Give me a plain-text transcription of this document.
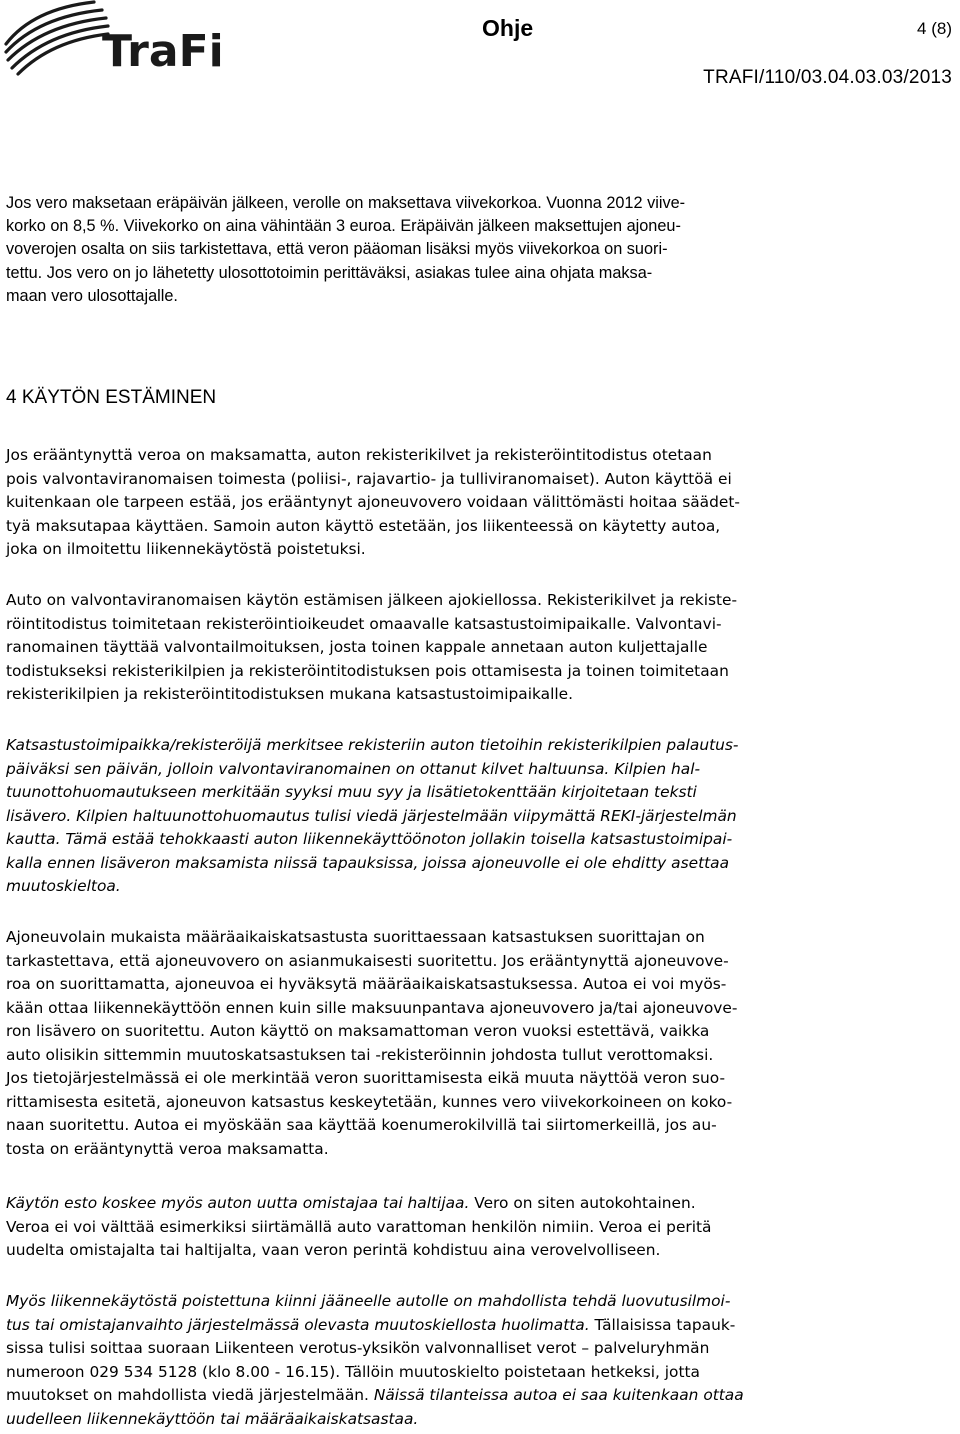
TraFi	Ohje	4 (8)
TRAFI/110/03.04.03.03/2013

Jos vero maksetaan eräpäivän jälkeen, verolle on maksettava viivekorkoa. Vuonna 2012 viive-
korko on 8,5 %. Viivekorko on aina vähintään 3 euroa. Eräpäivän jälkeen maksettujen ajoneu-
voverojen osalta on siis tarkistettava, että veron pääoman lisäksi myös viivekorkoa on suori-
tettu. Jos vero on jo lähetetty ulosottotoimin perittäväksi, asiakas tulee aina ohjata maksa-
maan vero ulosottajalle.

4 KÄYTÖN ESTÄMINEN

Jos erääntynyttä veroa on maksamatta, auton rekisterikilvet ja rekisteröintitodistus otetaan
pois valvontaviranomaisen toimesta (poliisi-, rajavartio- ja tulliviranomaiset). Auton käyttöä ei
kuitenkaan ole tarpeen estää, jos erääntynyt ajoneuvovero voidaan välittömästi hoitaa säädet-
tyä maksutapaa käyttäen. Samoin auton käyttö estetään, jos liikenteessä on käytetty autoa,
joka on ilmoitettu liikennekäytöstä poistetuksi.

Auto on valvontaviranomaisen käytön estämisen jälkeen ajokiellossa. Rekisterikilvet ja rekiste-
röintitodistus toimitetaan rekisteröintioikeudet omaavalle katsastustoimipaikalle. Valvontavi-
ranomainen täyttää valvontailmoituksen, josta toinen kappale annetaan auton kuljettajalle
todistukseksi rekisterikilpien ja rekisteröintitodistuksen pois ottamisesta ja toinen toimitetaan
rekisterikilpien ja rekisteröintitodistuksen mukana katsastustoimipaikalle.

Katsastustoimipaikka/rekisteröijä merkitsee rekisteriin auton tietoihin rekisterikilpien palautus-
päiväksi sen päivän, jolloin valvontaviranomainen on ottanut kilvet haltuunsa. Kilpien hal-
tuunottohuomautukseen merkitään syyksi muu syy ja lisätietokenttään kirjoitetaan teksti
lisävero. Kilpien haltuunottohuomautus tulisi viedä järjestelmään viipymättä REKI-järjestelmän
kautta. Tämä estää tehokkaasti auton liikennekäyttöönoton jollakin toisella katsastustoimipai-
kalla ennen lisäveron maksamista niissä tapauksissa, joissa ajoneuvolle ei ole ehditty asettaa
muutoskieltoa.

Ajoneuvolain mukaista määräaikaiskatsastusta suorittaessaan katsastuksen suorittajan on
tarkastettava, että ajoneuvovero on asianmukaisesti suoritettu. Jos erääntynyttä ajoneuvove-
roa on suorittamatta, ajoneuvoa ei hyväksytä määräaikaiskatsastuksessa. Autoa ei voi myös-
kään ottaa liikennekäyttöön ennen kuin sille maksuunpantava ajoneuvovero ja/tai ajoneuvove-
ron lisävero on suoritettu. Auton käyttö on maksamattoman veron vuoksi estettävä, vaikka
auto olisikin sittemmin muutoskatsastuksen tai -rekisteröinnin johdosta tullut verottomaksi.
Jos tietojärjestelmässä ei ole merkintää veron suorittamisesta eikä muuta näyttöä veron suo-
rittamisesta esitetä, ajoneuvon katsastus keskeytetään, kunnes vero viivekorkoineen on koko-
naan suoritettu. Autoa ei myöskään saa käyttää koenumerokilvillä tai siirtomerkeillä, jos au-
tosta on erääntynyttä veroa maksamatta.

Käytön esto koskee myös auton uutta omistajaa tai haltijaa. Vero on siten autokohtainen.
Veroa ei voi välttää esimerkiksi siirtämällä auto varattoman henkilön nimiin. Veroa ei peritä
uudelta omistajalta tai haltijalta, vaan veron perintä kohdistuu aina verovelvolliseen.

Myös liikennekäytöstä poistettuna kiinni jääneelle autolle on mahdollista tehdä luovutusilmoi-
tus tai omistajanvaihto järjestelmässä olevasta muutoskiellosta huolimatta. Tällaisissa tapauk-
sissa tulisi soittaa suoraan Liikenteen verotus-yksikön valvonnalliset verot – palveluryhmän
numeroon 029 534 5128 (klo 8.00 - 16.15). Tällöin muutoskielto poistetaan hetkeksi, jotta
muutokset on mahdollista viedä järjestelmään. Näissä tilanteissa autoa ei saa kuitenkaan ottaa
uudelleen liikennekäyttöön tai määräaikaiskatsastaa.
